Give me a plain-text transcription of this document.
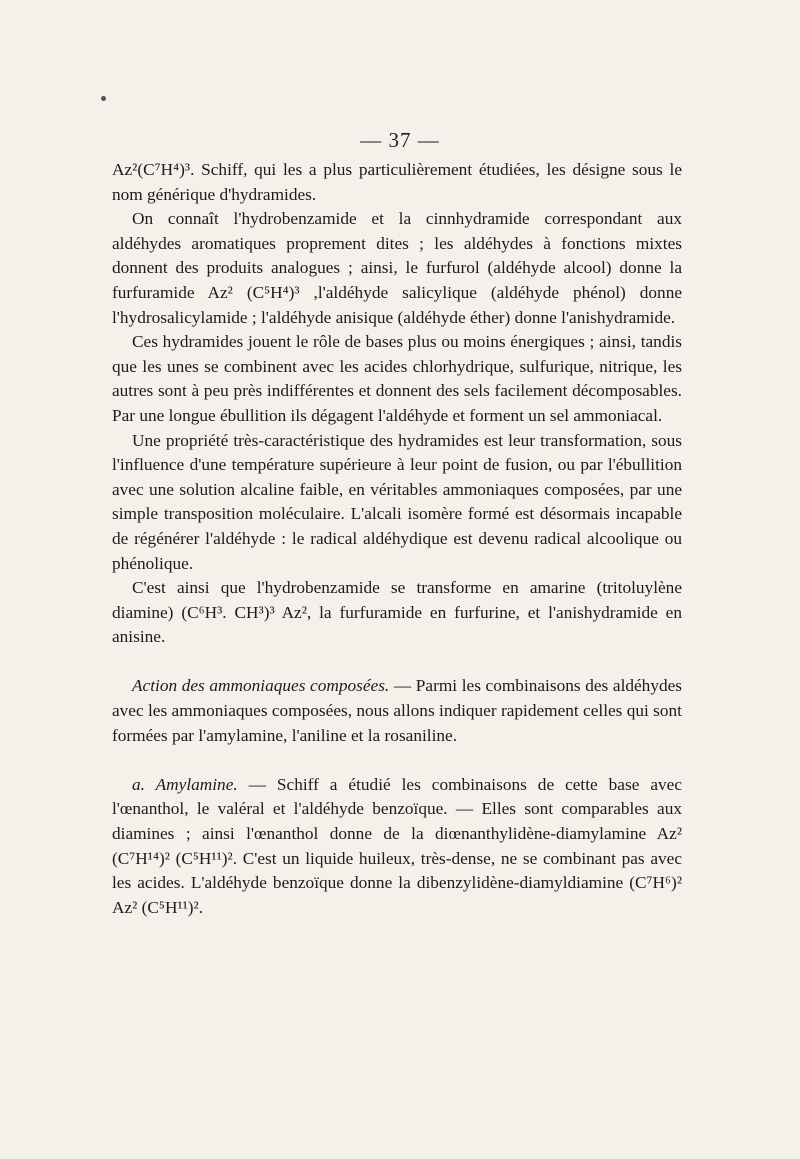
— 37 —

Az²(C⁷H⁴)³. Schiff, qui les a plus particulièrement étudiées, les désigne sous le nom générique d'hydramides.

On connaît l'hydrobenzamide et la cinnhydramide correspondant aux aldéhydes aromatiques proprement dites ; les aldéhydes à fonctions mixtes donnent des produits analogues ; ainsi, le furfurol (aldéhyde alcool) donne la furfuramide Az² (C⁵H⁴)³ ,l'aldéhyde salicylique (aldéhyde phénol) donne l'hydrosalicylamide ; l'aldéhyde anisique (aldéhyde éther) donne l'anishydramide.

Ces hydramides jouent le rôle de bases plus ou moins énergiques ; ainsi, tandis que les unes se combinent avec les acides chlorhydrique, sulfurique, nitrique, les autres sont à peu près indifférentes et donnent des sels facilement décomposables. Par une longue ébullition ils dégagent l'aldéhyde et forment un sel ammoniacal.

Une propriété très-caractéristique des hydramides est leur transformation, sous l'influence d'une température supérieure à leur point de fusion, ou par l'ébullition avec une solution alcaline faible, en véritables ammoniaques composées, par une simple transposition moléculaire. L'alcali isomère formé est désormais incapable de régénérer l'aldéhyde : le radical aldéhydique est devenu radical alcoolique ou phénolique.

C'est ainsi que l'hydrobenzamide se transforme en amarine (tritoluylène diamine) (C⁶H³. CH³)³ Az², la furfuramide en furfurine, et l'anishydramide en anisine.

Action des ammoniaques composées. — Parmi les combinaisons des aldéhydes avec les ammoniaques composées, nous allons indiquer rapidement celles qui sont formées par l'amylamine, l'aniline et la rosaniline.

a. Amylamine. — Schiff a étudié les combinaisons de cette base avec l'œnanthol, le valéral et l'aldéhyde benzoïque. — Elles sont comparables aux diamines ; ainsi l'œnanthol donne de la diœnanthylidène-diamylamine Az² (C⁷H¹⁴)² (C⁵H¹¹)². C'est un liquide huileux, très-dense, ne se combinant pas avec les acides. L'aldéhyde benzoïque donne la dibenzylidène-diamyldiamine (C⁷H⁶)² Az² (C⁵H¹¹)².
